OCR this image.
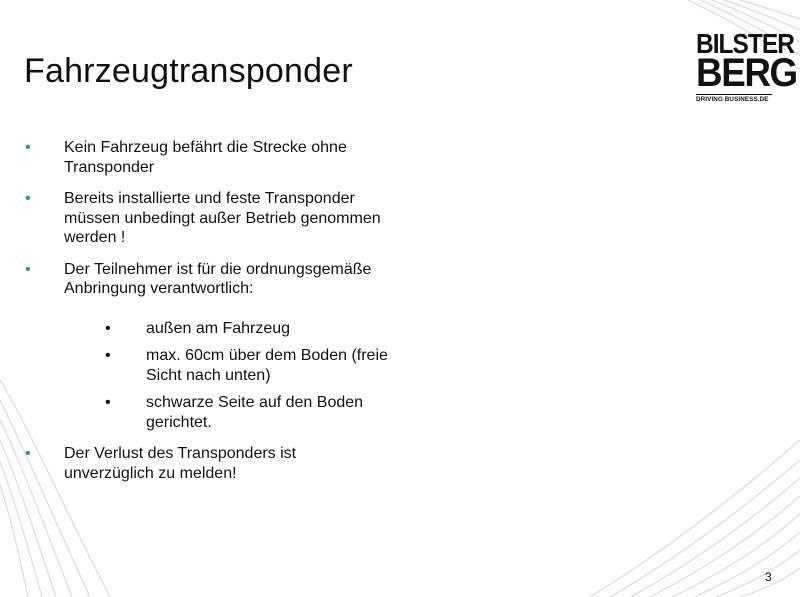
Fahrzeugtransponder
BILSTER
BERG
DRIVING BUSINESS.DE
• Kein Fahrzeug befährt die Strecke ohne Transponder
• Bereits installierte und feste Transponder müssen unbedingt außer Betrieb genommen werden !
• Der Teilnehmer ist für die ordnungsgemäße Anbringung verantwortlich:
• außen am Fahrzeug
• max. 60cm über dem Boden (freie Sicht nach unten)
• schwarze Seite auf den Boden gerichtet.
• Der Verlust des Transponders ist unverzüglich zu melden!
3
